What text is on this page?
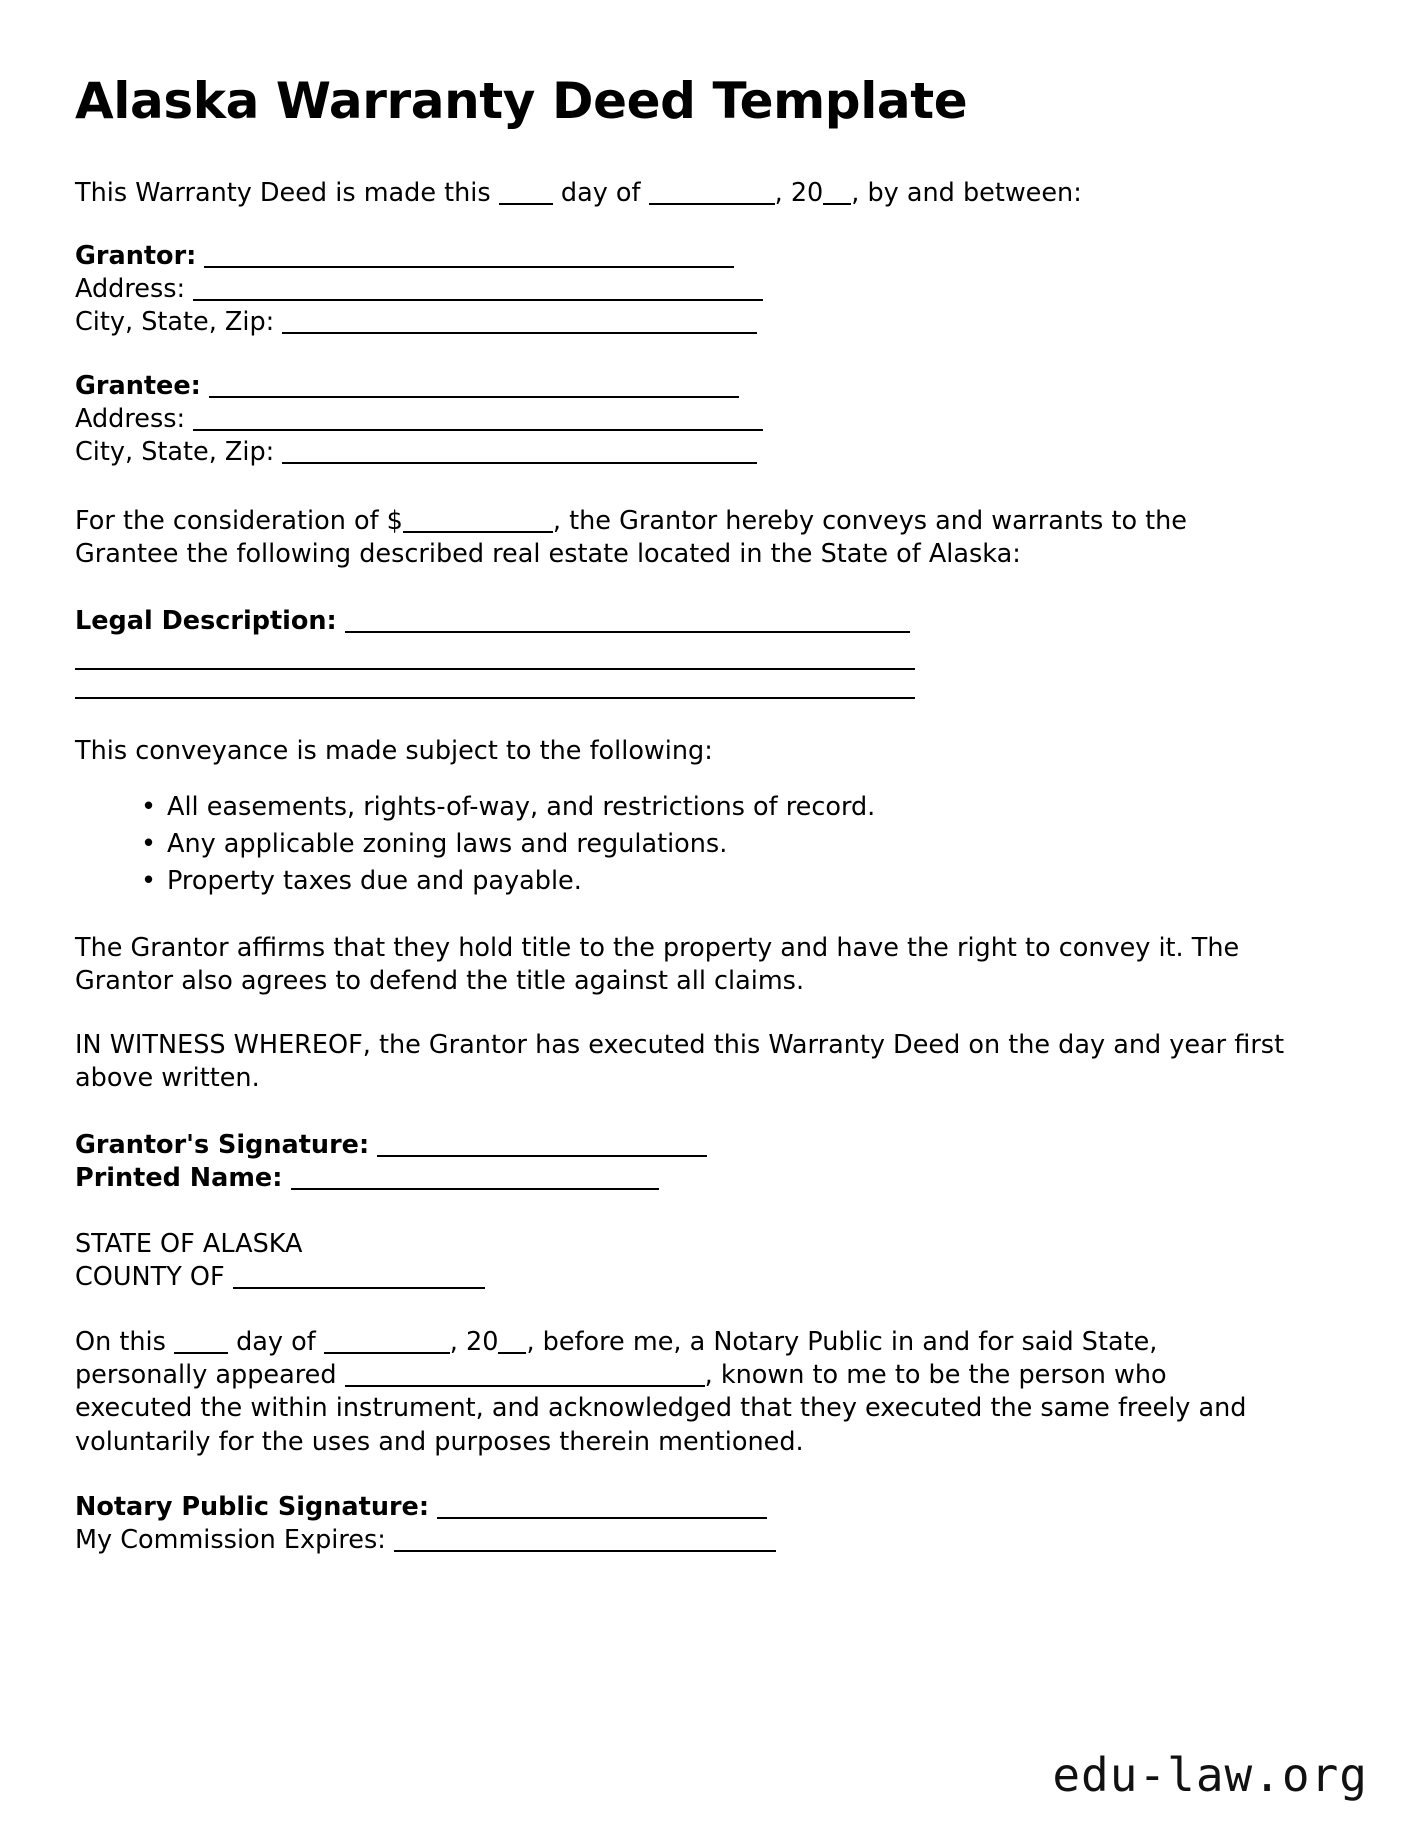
Alaska Warranty Deed Template

This Warranty Deed is made this	day of	, 20 , by and between:

Grantor:
Address:
City, State, Zip:
Grantee:
Address:
City, State, Zip:

For the consideration of $	, the Grantor hereby conveys and warrants to the Grantee the following described real estate located in the State of Alaska:

Legal Description:

This conveyance is made subject to the following:

• All easements, rights-of-way, and restrictions of record.
• Any applicable zoning laws and regulations.
• Property taxes due and payable.

The Grantor affirms that they hold title to the property and have the right to convey it. The Grantor also agrees to defend the title against all claims.

IN WITNESS WHEREOF, the Grantor has executed this Warranty Deed on the day and year first above written.

Grantor's Signature:
Printed Name:
STATE OF ALASKA
COUNTY OF

On this	day of	, 20 , before me, a Notary Public in and for said State, personally appeared	, known to me to be the person who executed the within instrument, and acknowledged that they executed the same freely and voluntarily for the uses and purposes therein mentioned.

Notary Public Signature:
My Commission Expires:
edu-law.org
